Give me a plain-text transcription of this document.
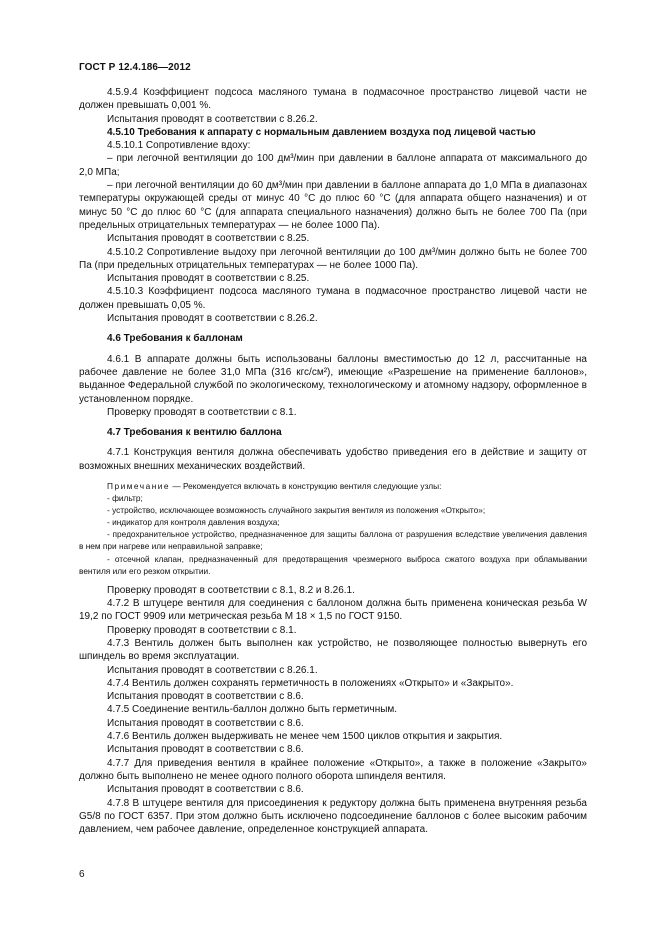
ГОСТ Р 12.4.186—2012

4.5.9.4 Коэффициент подсоса масляного тумана в подмасочное пространство лицевой части не должен превышать 0,001 %.

Испытания проводят в соответствии с 8.26.2.

4.5.10 Требования к аппарату с нормальным давлением воздуха под лицевой частью

4.5.10.1 Сопротивление вдоху:

– при легочной вентиляции до 100 дм³/мин при давлении в баллоне аппарата от максимального до 2,0 МПа;

– при легочной вентиляции до 60 дм³/мин при давлении в баллоне аппарата до 1,0 МПа в диапазонах температуры окружающей среды от минус 40 °С до плюс 60 °С (для аппарата общего назначения) и от минус 50 °С до плюс 60 °С (для аппарата специального назначения) должно быть не более 700 Па (при предельных отрицательных температурах — не более 1000 Па).

Испытания проводят в соответствии с 8.25.

4.5.10.2 Сопротивление выдоху при легочной вентиляции до 100 дм³/мин должно быть не более 700 Па (при предельных отрицательных температурах — не более 1000 Па).

Испытания проводят в соответствии с 8.25.

4.5.10.3 Коэффициент подсоса масляного тумана в подмасочное пространство лицевой части не должен превышать 0,05 %.

Испытания проводят в соответствии с 8.26.2.

4.6 Требования к баллонам

4.6.1 В аппарате должны быть использованы баллоны вместимостью до 12 л, рассчитанные на рабочее давление не более 31,0 МПа (316 кгс/см²), имеющие «Разрешение на применение баллонов», выданное Федеральной службой по экологическому, технологическому и атомному надзору, оформленное в установленном порядке.

Проверку проводят в соответствии с 8.1.

4.7 Требования к вентилю баллона

4.7.1 Конструкция вентиля должна обеспечивать удобство приведения его в действие и защиту от возможных внешних механических воздействий.

Примечание — Рекомендуется включать в конструкцию вентиля следующие узлы:

- фильтр;

- устройство, исключающее возможность случайного закрытия вентиля из положения «Открыто»;

- индикатор для контроля давления воздуха;

- предохранительное устройство, предназначенное для защиты баллона от разрушения вследствие увеличения давления в нем при нагреве или неправильной заправке;

- отсечной клапан, предназначенный для предотвращения чрезмерного выброса сжатого воздуха при обламывании вентиля или его резком открытии.

Проверку проводят в соответствии с 8.1, 8.2 и 8.26.1.

4.7.2 В штуцере вентиля для соединения с баллоном должна быть применена коническая резьба W 19,2 по ГОСТ 9909 или метрическая резьба М 18 × 1,5 по ГОСТ 9150.

Проверку проводят в соответствии с 8.1.

4.7.3 Вентиль должен быть выполнен как устройство, не позволяющее полностью вывернуть его шпиндель во время эксплуатации.

Испытания проводят в соответствии с 8.26.1.

4.7.4 Вентиль должен сохранять герметичность в положениях «Открыто» и «Закрыто».

Испытания проводят в соответствии с 8.6.

4.7.5 Соединение вентиль-баллон должно быть герметичным.

Испытания проводят в соответствии с 8.6.

4.7.6 Вентиль должен выдерживать не менее чем 1500 циклов открытия и закрытия.

Испытания проводят в соответствии с 8.6.

4.7.7 Для приведения вентиля в крайнее положение «Открыто», а также в положение «Закрыто» должно быть выполнено не менее одного полного оборота шпинделя вентиля.

Испытания проводят в соответствии с 8.6.

4.7.8 В штуцере вентиля для присоединения к редуктору должна быть применена внутренняя резьба G5/8 по ГОСТ 6357. При этом должно быть исключено подсоединение баллонов с более высоким рабочим давлением, чем рабочее давление, определенное конструкцией аппарата.

6
